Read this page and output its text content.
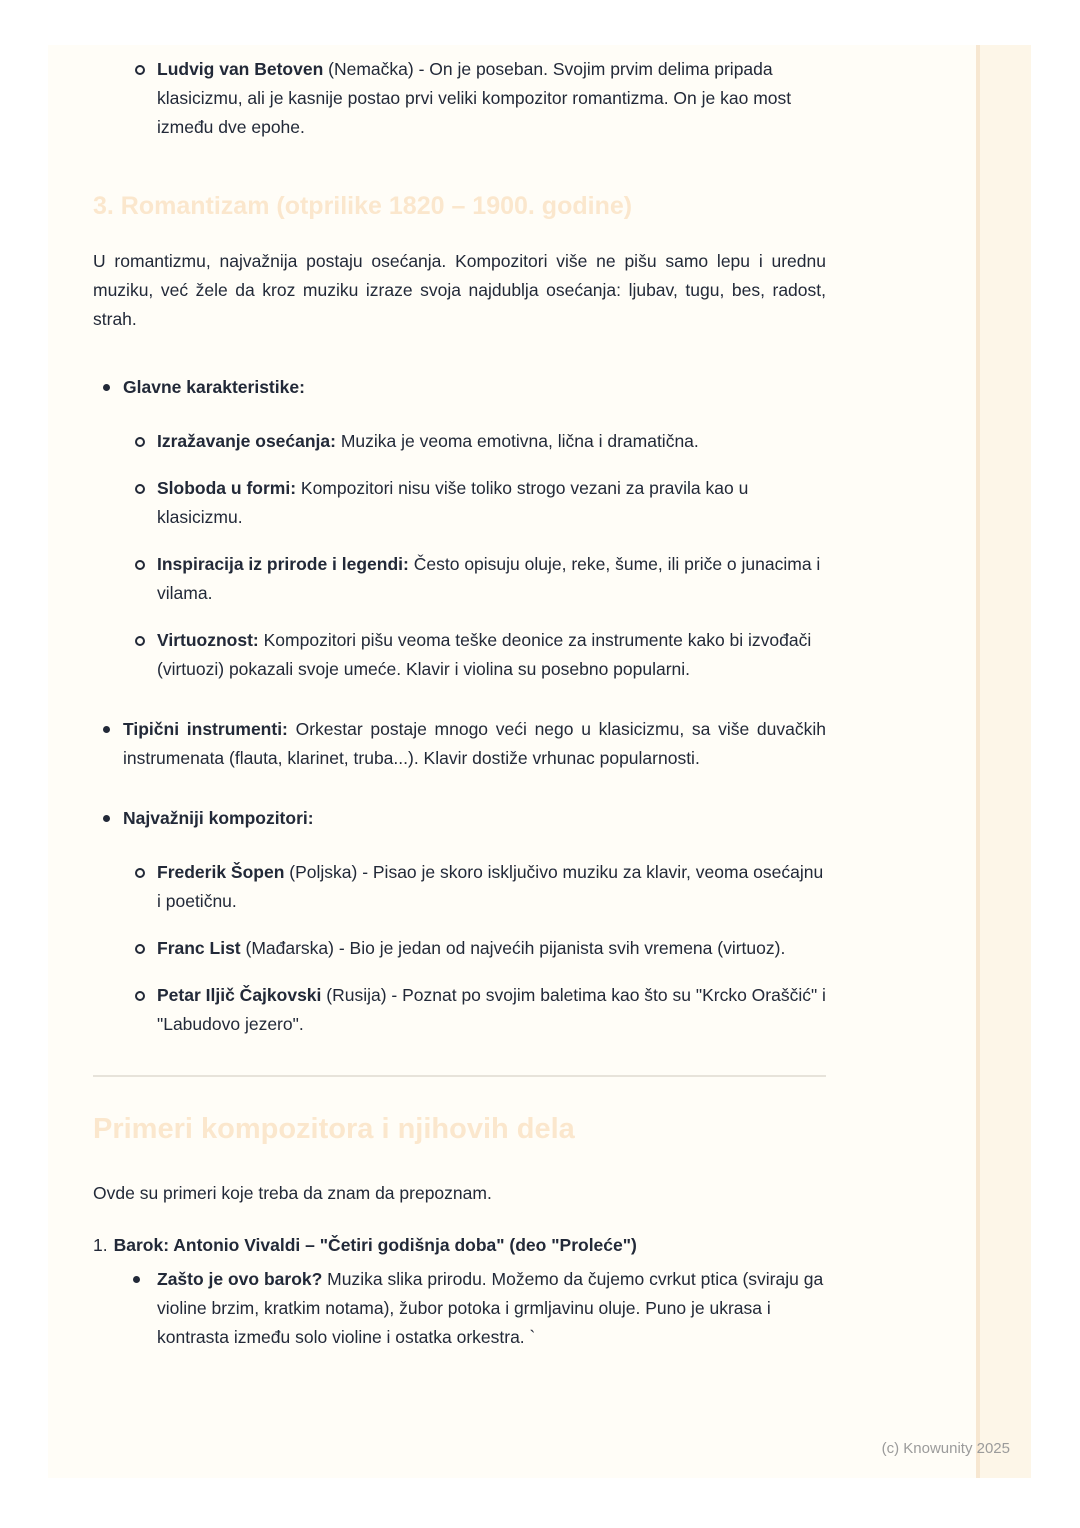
Ludvig van Betoven (Nemačka) - On je poseban. Svojim prvim delima pripada klasicizmu, ali je kasnije postao prvi veliki kompozitor romantizma. On je kao most između dve epohe.
3. Romantizam (otprilike 1820 – 1900. godine)

U romantizmu, najvažnija postaju osećanja. Kompozitori više ne pišu samo lepu i urednu muziku, već žele da kroz muziku izraze svoja najdublja osećanja: ljubav, tugu, bes, radost, strah.

Glavne karakteristike:
Izražavanje osećanja: Muzika je veoma emotivna, lična i dramatična.
Sloboda u formi: Kompozitori nisu više toliko strogo vezani za pravila kao u klasicizmu.
Inspiracija iz prirode i legendi: Često opisuju oluje, reke, šume, ili priče o junacima i vilama.
Virtuoznost: Kompozitori pišu veoma teške deonice za instrumente kako bi izvođači (virtuozi) pokazali svoje umeće. Klavir i violina su posebno popularni.
Tipični instrumenti: Orkestar postaje mnogo veći nego u klasicizmu, sa više duvačkih instrumenata (flauta, klarinet, truba...). Klavir dostiže vrhunac popularnosti.
Najvažniji kompozitori:
Frederik Šopen (Poljska) - Pisao je skoro isključivo muziku za klavir, veoma osećajnu i poetičnu.
Franc List (Mađarska) - Bio je jedan od najvećih pijanista svih vremena (virtuoz).
Petar Iljič Čajkovski (Rusija) - Poznat po svojim baletima kao što su "Krcko Oraščić" i "Labudovo jezero".
Primeri kompozitora i njihovih dela

Ovde su primeri koje treba da znam da prepoznam.

1. Barok: Antonio Vivaldi – "Četiri godišnja doba" (deo "Proleće")
Zašto je ovo barok? Muzika slika prirodu. Možemo da čujemo cvrkut ptica (sviraju ga violine brzim, kratkim notama), žubor potoka i grmljavinu oluje. Puno je ukrasa i kontrasta između solo violine i ostatka orkestra. `
(c) Knowunity 2025
